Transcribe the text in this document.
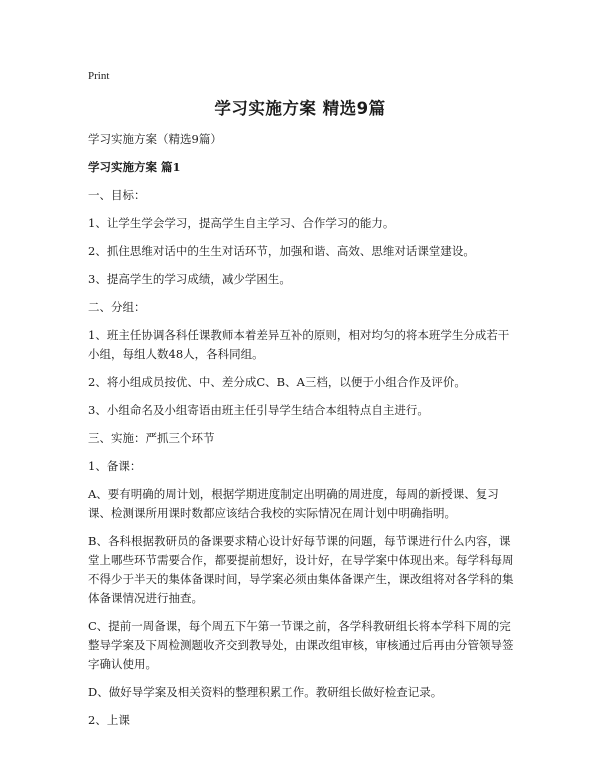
Print
学习实施方案 精选9篇

学习实施方案（精选9篇）

学习实施方案 篇1

一、目标：

1、让学生学会学习，提高学生自主学习、合作学习的能力。

2、抓住思维对话中的生生对话环节，加强和谐、高效、思维对话课堂建设。

3、提高学生的学习成绩，减少学困生。

二、分组：

1、班主任协调各科任课教师本着差异互补的原则，相对均匀的将本班学生分成若干小组，每组人数48人，各科同组。

2、将小组成员按优、中、差分成C、B、A三档，以便于小组合作及评价。

3、小组命名及小组寄语由班主任引导学生结合本组特点自主进行。

三、实施：严抓三个环节

1、备课：

A、要有明确的周计划，根据学期进度制定出明确的周进度，每周的新授课、复习课、检测课所用课时数都应该结合我校的实际情况在周计划中明确指明。

B、各科根据教研员的备课要求精心设计好每节课的问题，每节课进行什么内容，课堂上哪些环节需要合作，都要提前想好，设计好，在导学案中体现出来。每学科每周不得少于半天的集体备课时间，导学案必须由集体备课产生，课改组将对各学科的集体备课情况进行抽查。

C、提前一周备课，每个周五下午第一节课之前，各学科教研组长将本学科下周的完整导学案及下周检测题收齐交到教导处，由课改组审核，审核通过后再由分管领导签字确认使用。

D、做好导学案及相关资料的整理积累工作。教研组长做好检查记录。

2、上课
